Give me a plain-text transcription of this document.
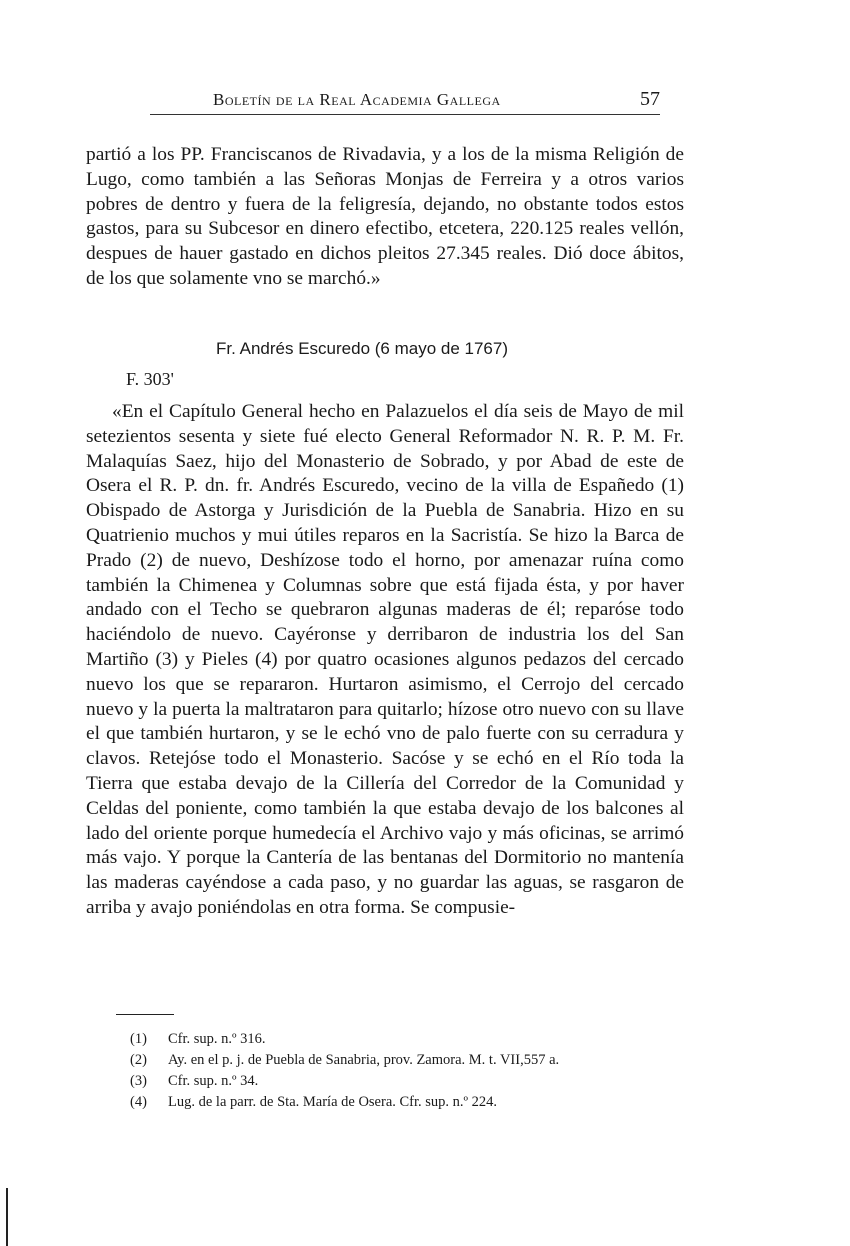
Boletín de la Real Academia Gallega	57

partió a los PP. Franciscanos de Rivadavia, y a los de la misma Religión de Lugo, como también a las Señoras Monjas de Ferreira y a otros varios pobres de dentro y fuera de la feligresía, dejando, no obstante todos estos gastos, para su Subcesor en dinero efectibo, etcetera, 220.125 reales vellón, despues de hauer gastado en dichos pleitos 27.345 reales. Dió doce ábitos, de los que solamente vno se marchó.»

Fr. Andrés Escuredo (6 mayo de 1767)
F. 303'

«En el Capítulo General hecho en Palazuelos el día seis de Mayo de mil setezientos sesenta y siete fué electo General Reformador N. R. P. M. Fr. Malaquías Saez, hijo del Monasterio de Sobrado, y por Abad de este de Osera el R. P. dn. fr. Andrés Escuredo, vecino de la villa de Españedo (1) Obispado de Astorga y Jurisdición de la Puebla de Sanabria. Hizo en su Quatrienio muchos y mui útiles reparos en la Sacristía. Se hizo la Barca de Prado (2) de nuevo, Deshízose todo el horno, por amenazar ruína como también la Chimenea y Columnas sobre que está fijada ésta, y por haver andado con el Techo se quebraron algunas maderas de él; reparóse todo haciéndolo de nuevo. Cayéronse y derribaron de industria los del San Martiño (3) y Pieles (4) por quatro ocasiones algunos pedazos del cercado nuevo los que se repararon. Hurtaron asimismo, el Cerrojo del cercado nuevo y la puerta la maltrataron para quitarlo; hízose otro nuevo con su llave el que también hurtaron, y se le echó vno de palo fuerte con su cerradura y clavos. Retejóse todo el Monasterio. Sacóse y se echó en el Río toda la Tierra que estaba devajo de la Cillería del Corredor de la Comunidad y Celdas del poniente, como también la que estaba devajo de los balcones al lado del oriente porque humedecía el Archivo vajo y más oficinas, se arrimó más vajo. Y porque la Cantería de las bentanas del Dormitorio no mantenía las maderas cayéndose a cada paso, y no guardar las aguas, se rasgaron de arriba y avajo poniéndolas en otra forma. Se compusie-

(1) Cfr. sup. n.º 316.
(2) Ay. en el p. j. de Puebla de Sanabria, prov. Zamora. M. t. VII,557 a.
(3) Cfr. sup. n.º 34.
(4) Lug. de la parr. de Sta. María de Osera. Cfr. sup. n.º 224.
